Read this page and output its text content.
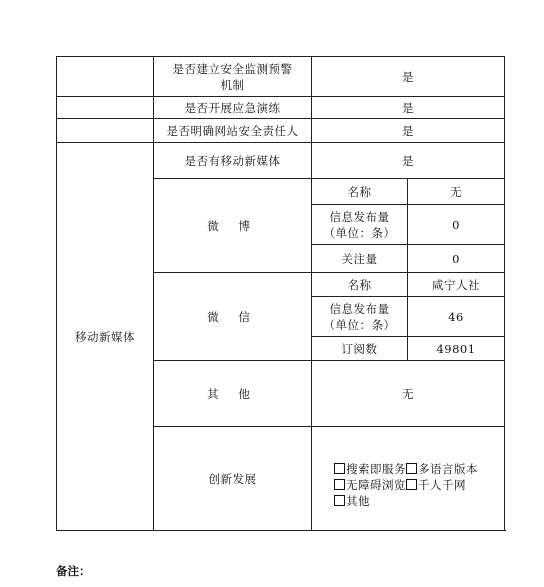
	是否建立安全监测预警
机制	是	
	是否开展应急演练	是	
	是否明确网站安全责任人	是	
移动新媒体	是否有移动新媒体	是	
	微 博	名称	无
		信息发布量
（单位：条）	0
		关注量	0
	微 信	名称	咸宁人社
		信息发布量
（单位：条）	46
		订阅数	49801
	其 他	无	
	创新发展	搜索即服务 多语言版本无障碍浏览 千人千网其他	
备注：
